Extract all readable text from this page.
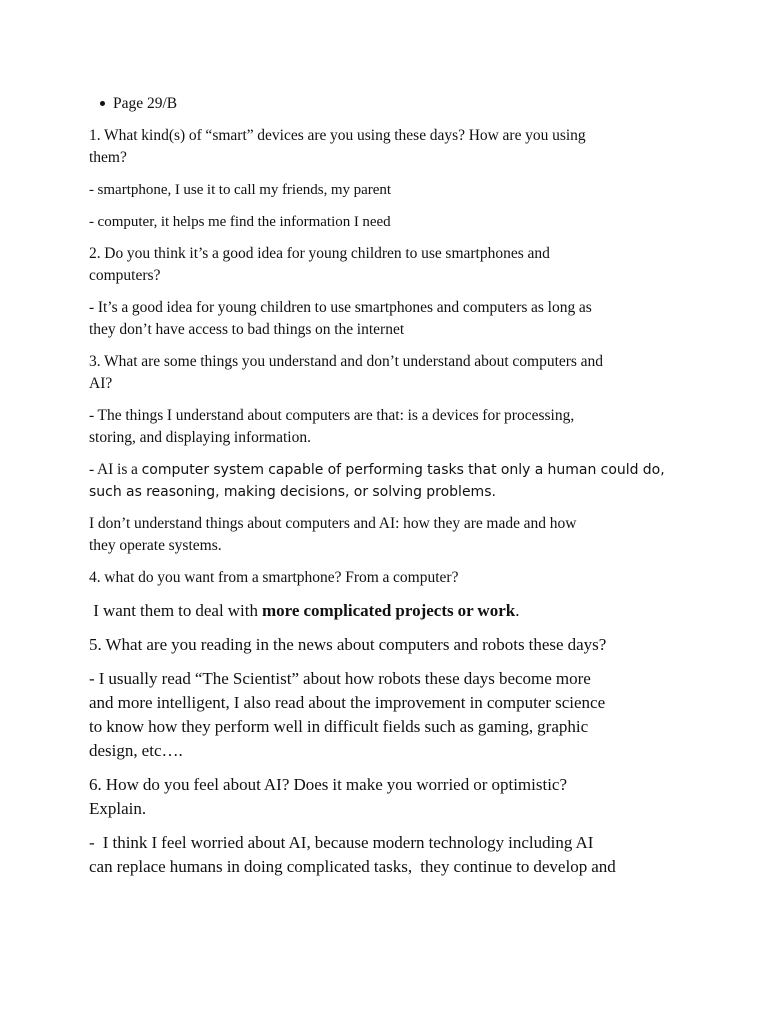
Page 29/B
1. What kind(s) of “smart” devices are you using these days? How are you using
them?
- smartphone, I use it to call my friends, my parent
- computer, it helps me find the information I need
2. Do you think it’s a good idea for young children to use smartphones and
computers?
- It’s a good idea for young children to use smartphones and computers as long as
they don’t have access to bad things on the internet
3. What are some things you understand and don’t understand about computers and
AI?
- The things I understand about computers are that: is a devices for processing,
storing, and displaying information.
- AI is a computer system capable of performing tasks that only a human could do,
such as reasoning, making decisions, or solving problems.
I don’t understand things about computers and AI: how they are made and how
they operate systems.
4. what do you want from a smartphone? From a computer?
I want them to deal with more complicated projects or work.
5. What are you reading in the news about computers and robots these days?
- I usually read “The Scientist” about how robots these days become more
and more intelligent, I also read about the improvement in computer science
to know how they perform well in difficult fields such as gaming, graphic
design, etc….
6. How do you feel about AI? Does it make you worried or optimistic?
Explain.
-  I think I feel worried about AI, because modern technology including AI
can replace humans in doing complicated tasks,  they continue to develop and
